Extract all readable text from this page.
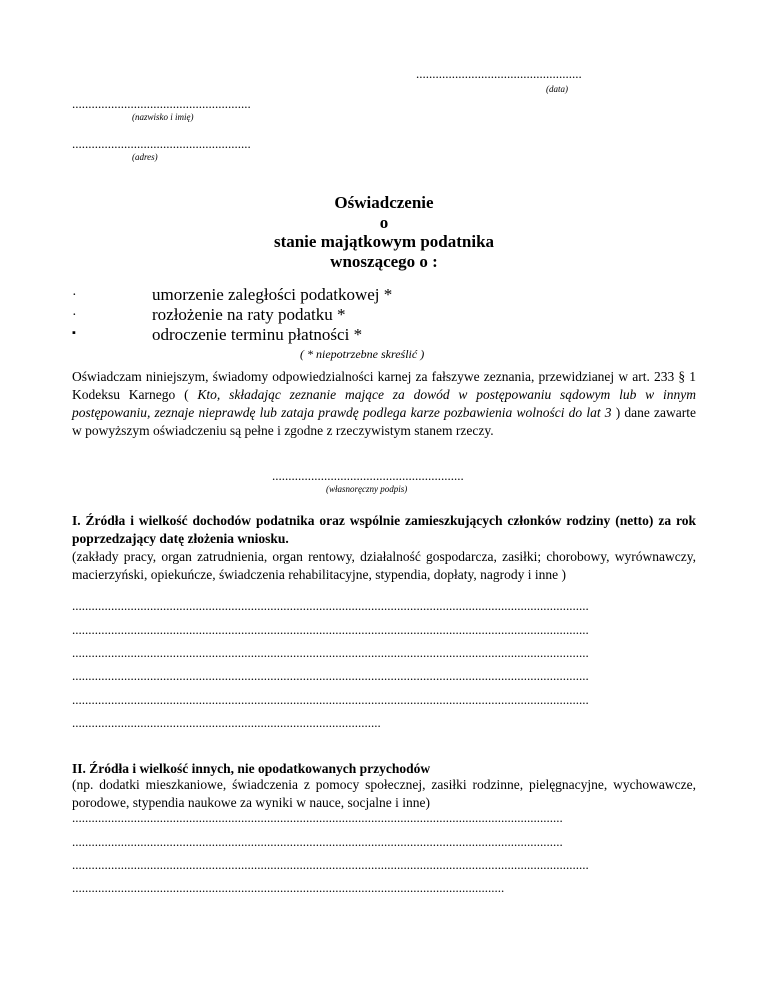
...................................................
(data)
.......................................................
(nazwisko i imię)
.......................................................
(adres)
Oświadczenie
o
stanie majątkowym podatnika
wnoszącego o :
·	umorzenie zaległości podatkowej *
·	rozłożenie na raty podatku *
▪	odroczenie terminu płatności *
( * niepotrzebne skreślić )
Oświadczam niniejszym, świadomy odpowiedzialności karnej za fałszywe zeznania, przewidzianej w art. 233 § 1 Kodeksu Karnego ( Kto, składając zeznanie mające za dowód w postępowaniu sądowym lub w innym postępowaniu, zeznaje nieprawdę lub zataja prawdę podlega karze pozbawienia wolności do lat 3 ) dane zawarte w powyższym oświadczeniu są pełne i zgodne z rzeczywistym stanem rzeczy.
...........................................................
(własnoręczny podpis)
I. Źródła i wielkość dochodów podatnika oraz wspólnie zamieszkujących członków rodziny (netto) za rok poprzedzający datę złożenia wniosku.
(zakłady pracy, organ zatrudnienia, organ rentowy, działalność gospodarcza, zasiłki; chorobowy, wyrównawczy, macierzyński, opiekuńcze, świadczenia rehabilitacyjne, stypendia, dopłaty, nagrody i inne )
...............................................................................................................................................................
...............................................................................................................................................................
...............................................................................................................................................................
...............................................................................................................................................................
...............................................................................................................................................................
...............................................................................................
II. Źródła i wielkość innych, nie opodatkowanych przychodów
(np. dodatki mieszkaniowe, świadczenia z pomocy społecznej, zasiłki rodzinne, pielęgnacyjne, wychowawcze, porodowe, stypendia naukowe za wyniki w nauce, socjalne i inne)
.......................................................................................................................................................
.......................................................................................................................................................
...............................................................................................................................................................
.....................................................................................................................................
